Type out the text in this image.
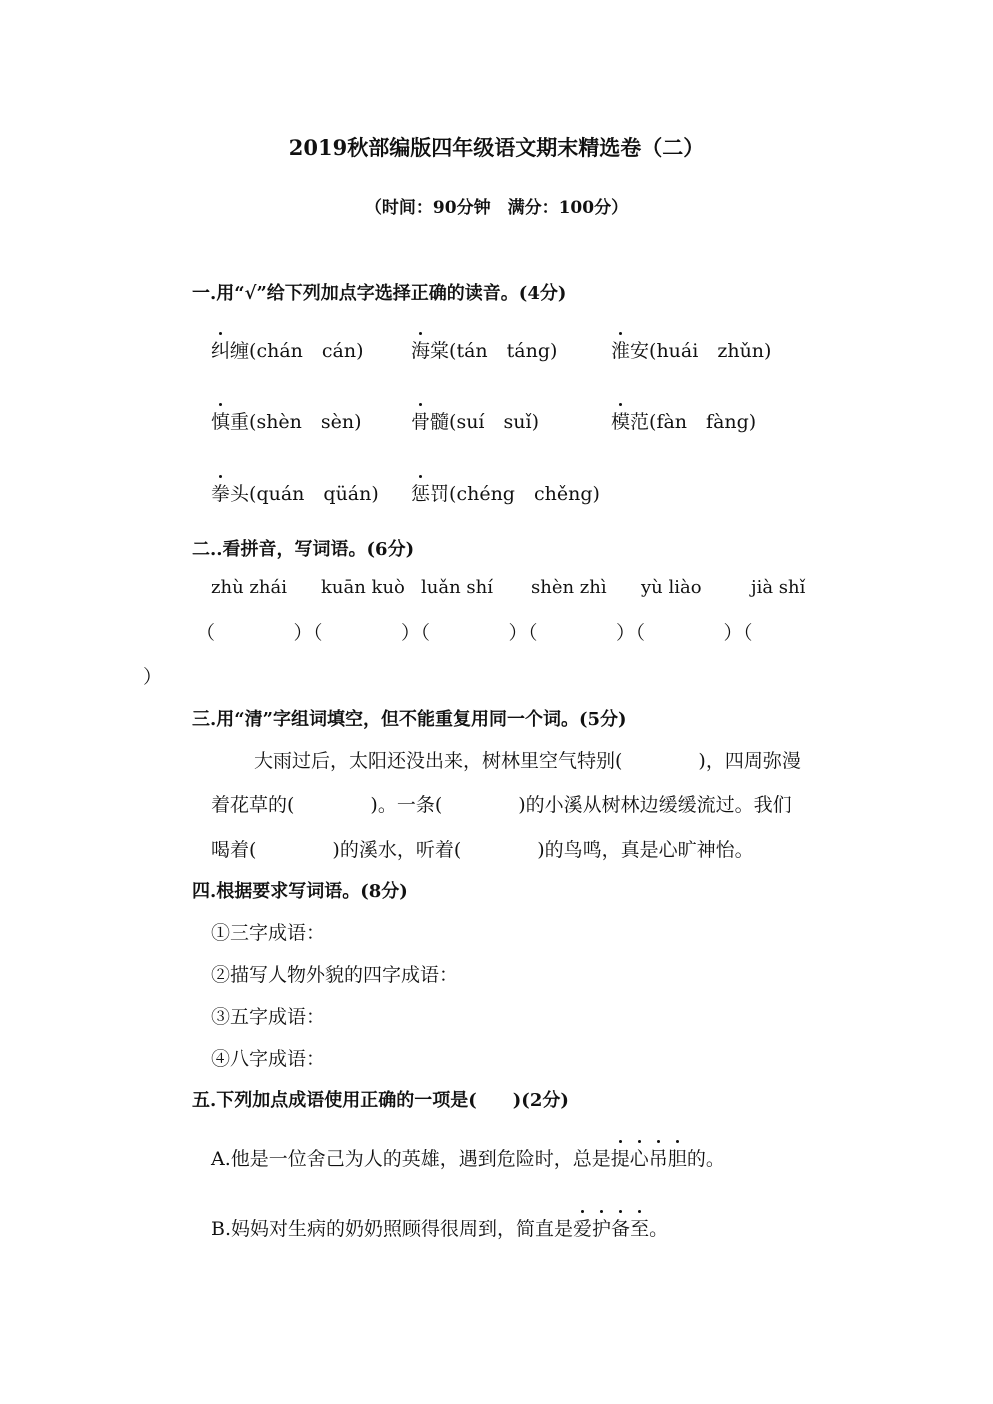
2019秋部编版四年级语文期末精选卷（二）
（时间：90分钟　满分：100分）
一.用“√”给下列加点字选择正确的读音。(4分)
纠缠(chán　cán) 海棠(tán　táng)	淮安(huái　zhǔn)
慎重(shèn　sèn)	骨髓(suí　suǐ)	模范(fàn　fàng)
拳头(quán　qüán) 惩罚(chéng　chěng)
二..看拼音，写词语。(6分)
zhù zhái kuān kuò luǎn shí shèn zhì yù liào	jià shǐ
（　　　　）（　　　　）（　　　　）（　　　　）（　　　　）（
）
三.用“清”字组词填空，但不能重复用同一个词。(5分)
大雨过后，太阳还没出来，树林里空气特别(　　　　)，四周弥漫
着花草的(　　　　)。一条(　　　　)的小溪从树林边缓缓流过。我们
喝着(　　　　)的溪水，听着(　　　　)的鸟鸣，真是心旷神怡。
四.根据要求写词语。(8分)
①三字成语：
②描写人物外貌的四字成语：
③五字成语：
④八字成语：
五.下列加点成语使用正确的一项是(　　)(2分)
A.他是一位舍己为人的英雄，遇到危险时，总是提心吊胆的。
B.妈妈对生病的奶奶照顾得很周到，简直是爱护备至。
